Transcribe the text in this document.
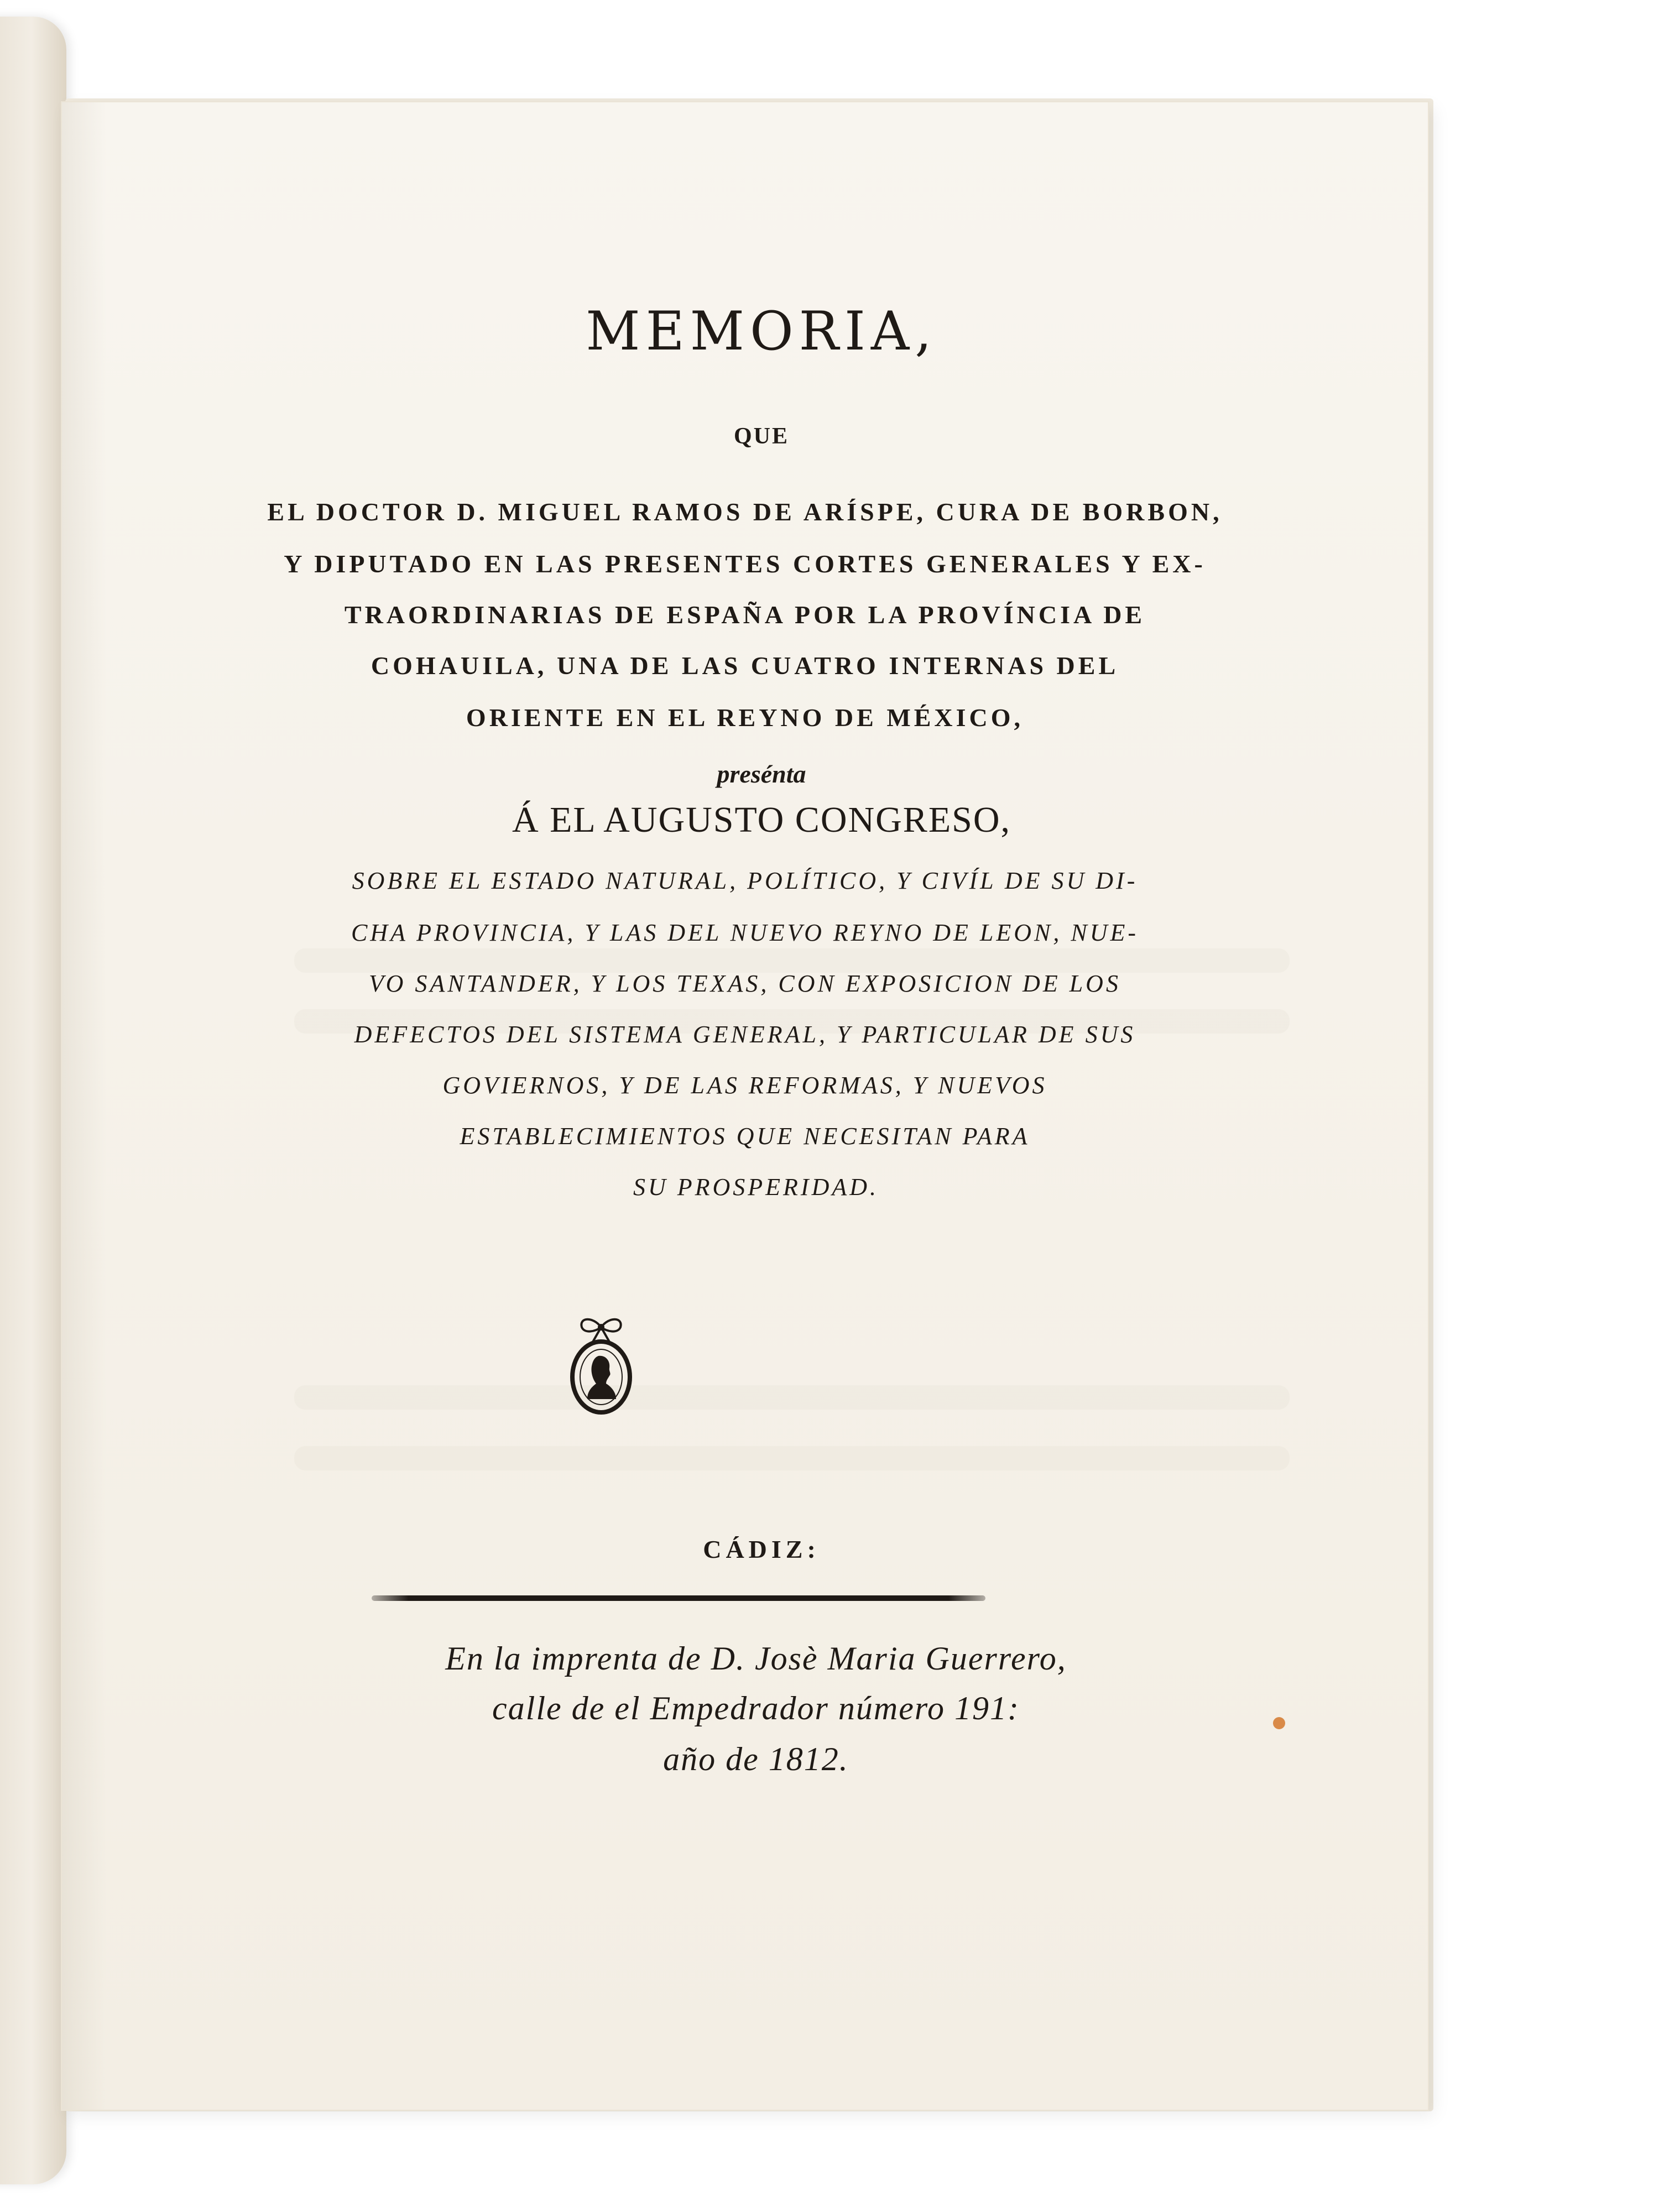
MEMORIA,
QUE
EL DOCTOR D. MIGUEL RAMOS DE ARÍSPE, CURA DE BORBON,
Y DIPUTADO EN LAS PRESENTES CORTES GENERALES Y EX-
TRAORDINARIAS DE ESPAÑA POR LA PROVÍNCIA DE
COHAUILA, UNA DE LAS CUATRO INTERNAS DEL
ORIENTE EN EL REYNO DE MÉXICO,
presénta
Á EL AUGUSTO CONGRESO,
SOBRE EL ESTADO NATURAL, POLÍTICO, Y CIVÍL DE SU DI-
CHA PROVINCIA, Y LAS DEL NUEVO REYNO DE LEON, NUE-
VO SANTANDER, Y LOS TEXAS, CON EXPOSICION DE LOS
DEFECTOS DEL SISTEMA GENERAL, Y PARTICULAR DE SUS
GOVIERNOS, Y DE LAS REFORMAS, Y NUEVOS
ESTABLECIMIENTOS QUE NECESITAN PARA
SU PROSPERIDAD.
CÁDIZ:
En la imprenta de D. Josè Maria Guerrero,
calle de el Empedrador número 191:
año de 1812.
